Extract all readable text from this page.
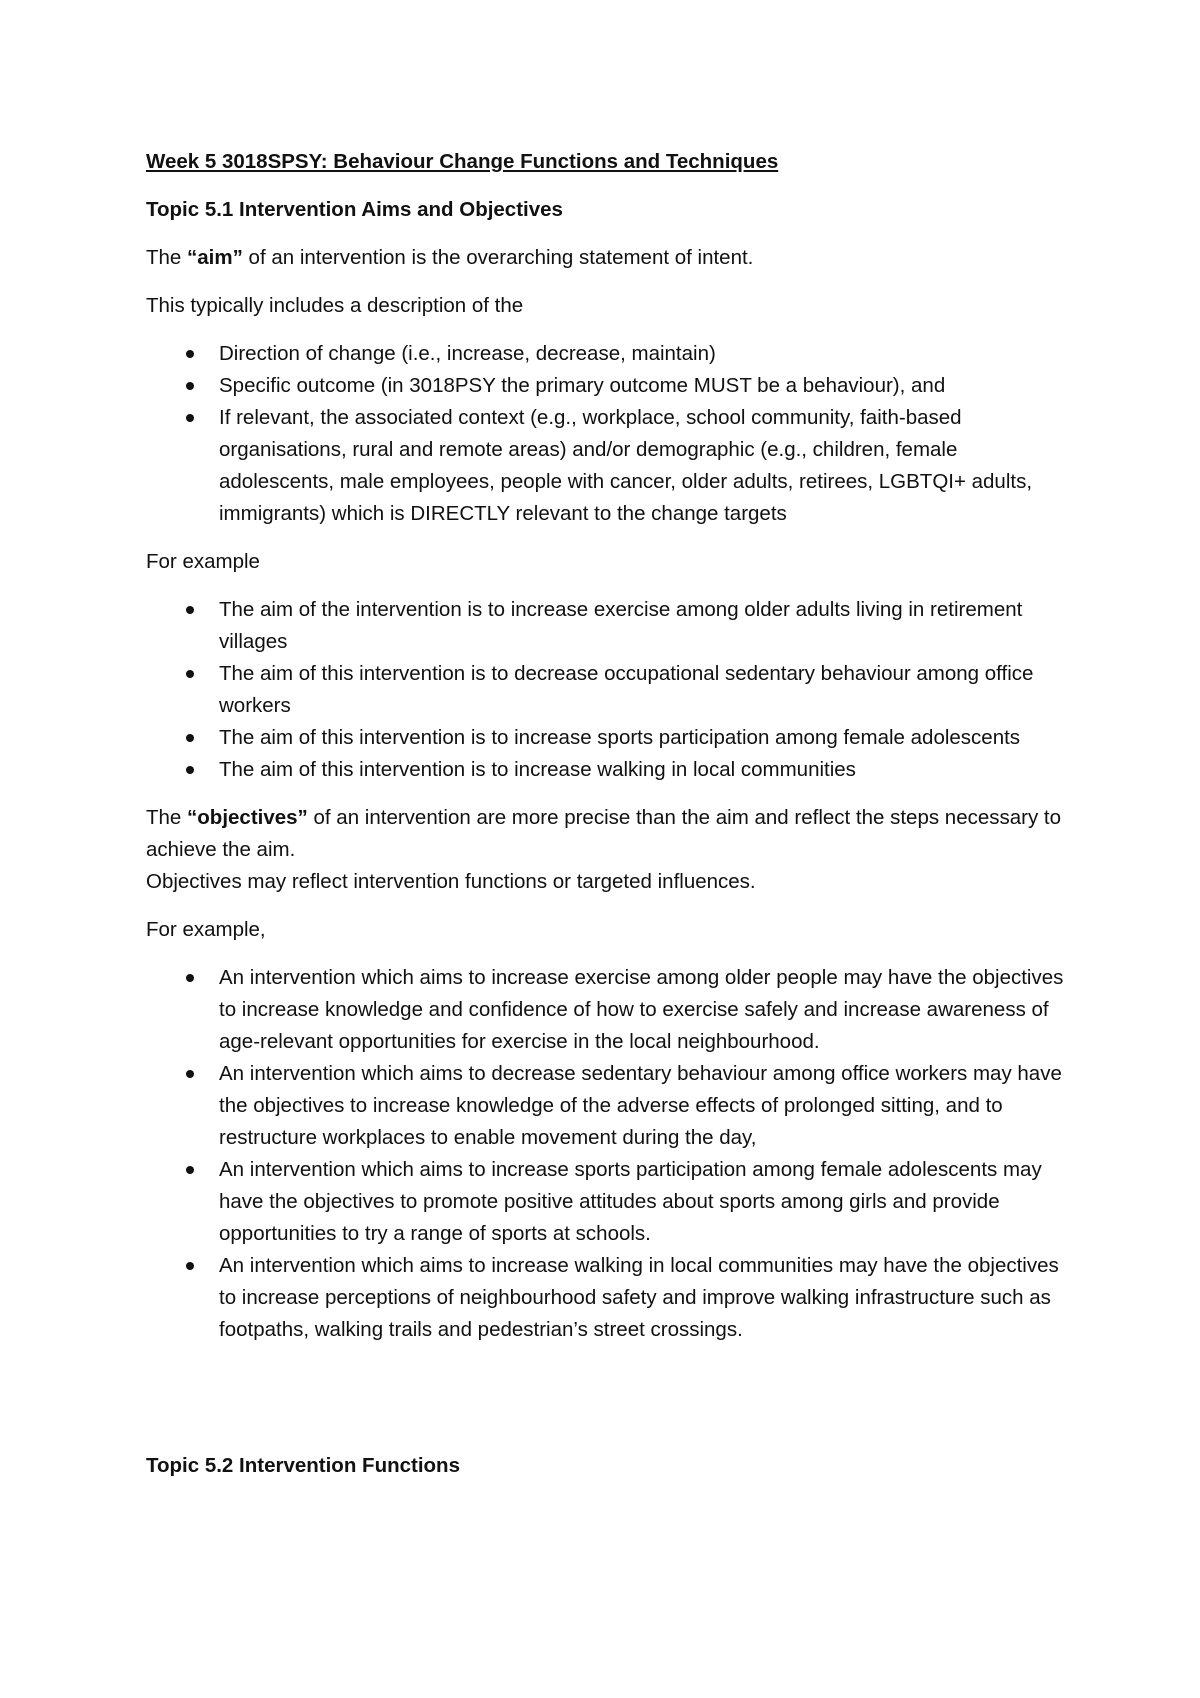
Week 5 3018SPSY: Behaviour Change Functions and Techniques
Topic 5.1 Intervention Aims and Objectives
The “aim” of an intervention is the overarching statement of intent.
This typically includes a description of the
Direction of change (i.e., increase, decrease, maintain)
Specific outcome (in 3018PSY the primary outcome MUST be a behaviour), and
If relevant, the associated context (e.g., workplace, school community, faith-based organisations, rural and remote areas) and/or demographic (e.g., children, female adolescents, male employees, people with cancer, older adults, retirees, LGBTQI+ adults, immigrants) which is DIRECTLY relevant to the change targets
For example
The aim of the intervention is to increase exercise among older adults living in retirement villages
The aim of this intervention is to decrease occupational sedentary behaviour among office workers
The aim of this intervention is to increase sports participation among female adolescents
The aim of this intervention is to increase walking in local communities
The “objectives” of an intervention are more precise than the aim and reflect the steps necessary to achieve the aim.
Objectives may reflect intervention functions or targeted influences.
For example,
An intervention which aims to increase exercise among older people may have the objectives to increase knowledge and confidence of how to exercise safely and increase awareness of age-relevant opportunities for exercise in the local neighbourhood.
An intervention which aims to decrease sedentary behaviour among office workers may have the objectives to increase knowledge of the adverse effects of prolonged sitting, and to restructure workplaces to enable movement during the day,
An intervention which aims to increase sports participation among female adolescents may have the objectives to promote positive attitudes about sports among girls and provide opportunities to try a range of sports at schools.
An intervention which aims to increase walking in local communities may have the objectives to increase perceptions of neighbourhood safety and improve walking infrastructure such as footpaths, walking trails and pedestrian’s street crossings.
Topic 5.2 Intervention Functions
